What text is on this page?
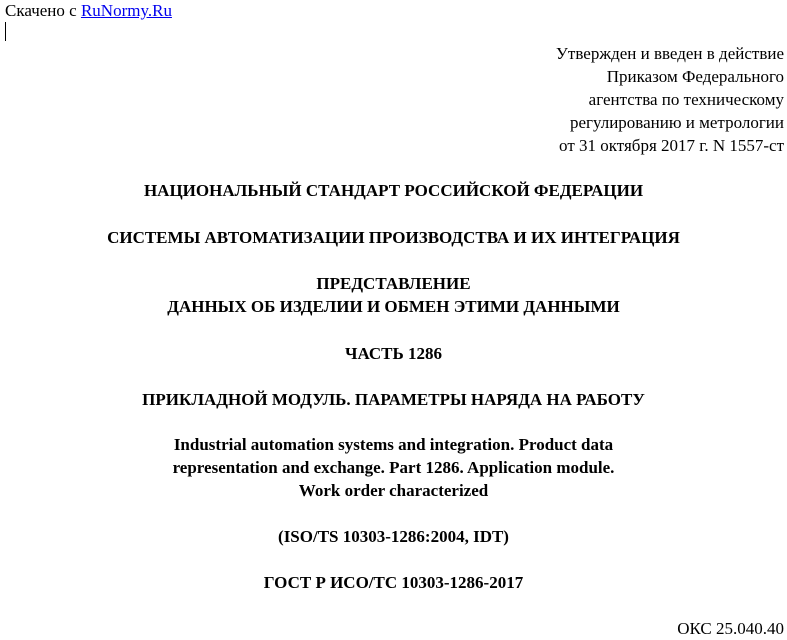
Скачено с RuNormy.Ru

Утвержден и введен в действие

Приказом Федерального

агентства по техническому

регулированию и метрологии

от 31 октября 2017 г. N 1557-ст

НАЦИОНАЛЬНЫЙ СТАНДАРТ РОССИЙСКОЙ ФЕДЕРАЦИИ

СИСТЕМЫ АВТОМАТИЗАЦИИ ПРОИЗВОДСТВА И ИХ ИНТЕГРАЦИЯ

ПРЕДСТАВЛЕНИЕ

ДАННЫХ ОБ ИЗДЕЛИИ И ОБМЕН ЭТИМИ ДАННЫМИ

ЧАСТЬ 1286

ПРИКЛАДНОЙ МОДУЛЬ. ПАРАМЕТРЫ НАРЯДА НА РАБОТУ

Industrial automation systems and integration. Product data

representation and exchange. Part 1286. Application module.

Work order characterized

(ISO/TS 10303-1286:2004, IDT)

ГОСТ Р ИСО/ТС 10303-1286-2017

ОКС 25.040.40
